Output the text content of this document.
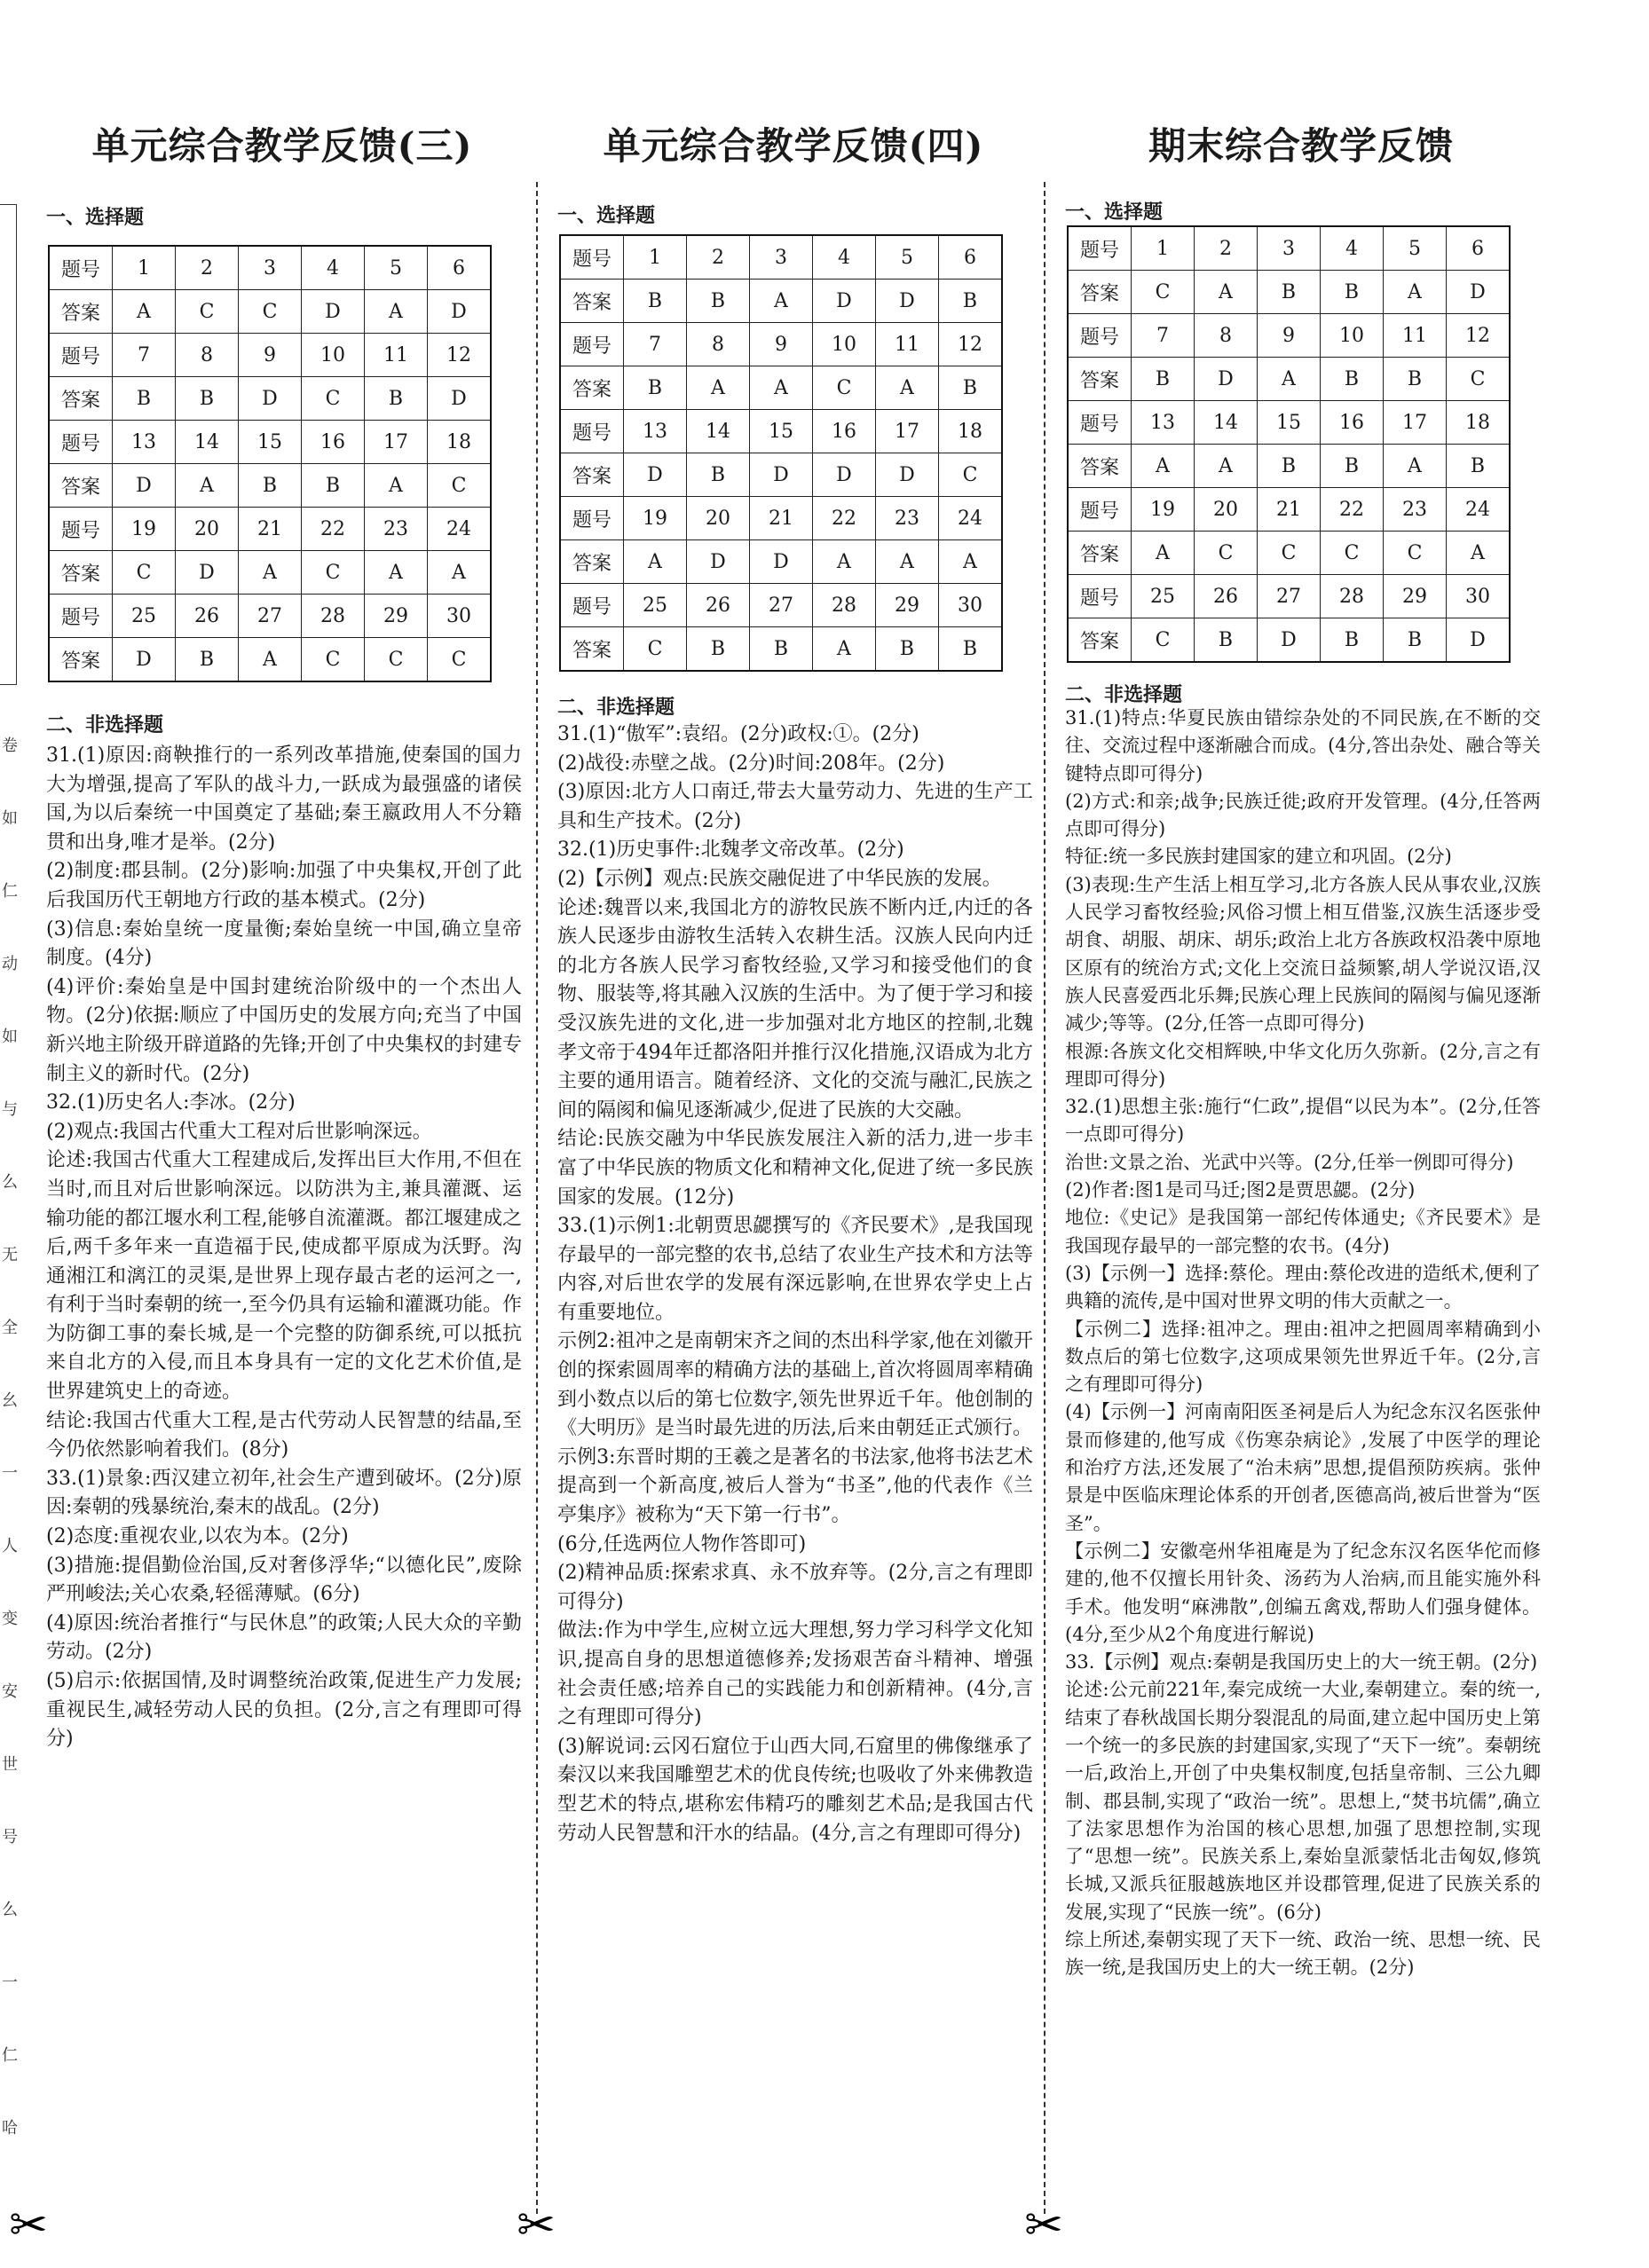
卷如仁动如与么无全幺一人变安世号么一仁哈
单元综合教学反馈(三)
一、选择题
题号	1	2	3	4	5	6
答案	A	C	C	D	A	D
题号	7	8	9	10	11	12
答案	B	B	D	C	B	D
题号	13	14	15	16	17	18
答案	D	A	B	B	A	C
题号	19	20	21	22	23	24
答案	C	D	A	C	A	A
题号	25	26	27	28	29	30
答案	D	B	A	C	C	C
二、非选择题

31.(1)原因:商鞅推行的一系列改革措施,使秦国的国力大为增强,提高了军队的战斗力,一跃成为最强盛的诸侯国,为以后秦统一中国奠定了基础;秦王嬴政用人不分籍贯和出身,唯才是举。(2分)

(2)制度:郡县制。(2分)影响:加强了中央集权,开创了此后我国历代王朝地方行政的基本模式。(2分)

(3)信息:秦始皇统一度量衡;秦始皇统一中国,确立皇帝制度。(4分)

(4)评价:秦始皇是中国封建统治阶级中的一个杰出人物。(2分)依据:顺应了中国历史的发展方向;充当了中国新兴地主阶级开辟道路的先锋;开创了中央集权的封建专制主义的新时代。(2分)

32.(1)历史名人:李冰。(2分)

(2)观点:我国古代重大工程对后世影响深远。

论述:我国古代重大工程建成后,发挥出巨大作用,不但在当时,而且对后世影响深远。以防洪为主,兼具灌溉、运输功能的都江堰水利工程,能够自流灌溉。都江堰建成之后,两千多年来一直造福于民,使成都平原成为沃野。沟通湘江和漓江的灵渠,是世界上现存最古老的运河之一,有利于当时秦朝的统一,至今仍具有运输和灌溉功能。作为防御工事的秦长城,是一个完整的防御系统,可以抵抗来自北方的入侵,而且本身具有一定的文化艺术价值,是世界建筑史上的奇迹。

结论:我国古代重大工程,是古代劳动人民智慧的结晶,至今仍依然影响着我们。(8分)

33.(1)景象:西汉建立初年,社会生产遭到破坏。(2分)原因:秦朝的残暴统治,秦末的战乱。(2分)

(2)态度:重视农业,以农为本。(2分)

(3)措施:提倡勤俭治国,反对奢侈浮华;“以德化民”,废除严刑峻法;关心农桑,轻徭薄赋。(6分)

(4)原因:统治者推行“与民休息”的政策;人民大众的辛勤劳动。(2分)

(5)启示:依据国情,及时调整统治政策,促进生产力发展;重视民生,减轻劳动人民的负担。(2分,言之有理即可得分)

单元综合教学反馈(四)
一、选择题
题号	1	2	3	4	5	6
答案	B	B	A	D	D	B
题号	7	8	9	10	11	12
答案	B	A	A	C	A	B
题号	13	14	15	16	17	18
答案	D	B	D	D	D	C
题号	19	20	21	22	23	24
答案	A	D	D	A	A	A
题号	25	26	27	28	29	30
答案	C	B	B	A	B	B
二、非选择题

31.(1)“傲军”:袁绍。(2分)政权:①。(2分)

(2)战役:赤壁之战。(2分)时间:208年。(2分)

(3)原因:北方人口南迁,带去大量劳动力、先进的生产工具和生产技术。(2分)

32.(1)历史事件:北魏孝文帝改革。(2分)

(2)【示例】观点:民族交融促进了中华民族的发展。

论述:魏晋以来,我国北方的游牧民族不断内迁,内迁的各族人民逐步由游牧生活转入农耕生活。汉族人民向内迁的北方各族人民学习畜牧经验,又学习和接受他们的食物、服装等,将其融入汉族的生活中。为了便于学习和接受汉族先进的文化,进一步加强对北方地区的控制,北魏孝文帝于494年迁都洛阳并推行汉化措施,汉语成为北方主要的通用语言。随着经济、文化的交流与融汇,民族之间的隔阂和偏见逐渐减少,促进了民族的大交融。

结论:民族交融为中华民族发展注入新的活力,进一步丰富了中华民族的物质文化和精神文化,促进了统一多民族国家的发展。(12分)

33.(1)示例1:北朝贾思勰撰写的《齐民要术》,是我国现存最早的一部完整的农书,总结了农业生产技术和方法等内容,对后世农学的发展有深远影响,在世界农学史上占有重要地位。

示例2:祖冲之是南朝宋齐之间的杰出科学家,他在刘徽开创的探索圆周率的精确方法的基础上,首次将圆周率精确到小数点以后的第七位数字,领先世界近千年。他创制的《大明历》是当时最先进的历法,后来由朝廷正式颁行。

示例3:东晋时期的王羲之是著名的书法家,他将书法艺术提高到一个新高度,被后人誉为“书圣”,他的代表作《兰亭集序》被称为“天下第一行书”。

(6分,任选两位人物作答即可)

(2)精神品质:探索求真、永不放弃等。(2分,言之有理即可得分)

做法:作为中学生,应树立远大理想,努力学习科学文化知识,提高自身的思想道德修养;发扬艰苦奋斗精神、增强社会责任感;培养自己的实践能力和创新精神。(4分,言之有理即可得分)

(3)解说词:云冈石窟位于山西大同,石窟里的佛像继承了秦汉以来我国雕塑艺术的优良传统;也吸收了外来佛教造型艺术的特点,堪称宏伟精巧的雕刻艺术品;是我国古代劳动人民智慧和汗水的结晶。(4分,言之有理即可得分)

期末综合教学反馈
一、选择题
题号	1	2	3	4	5	6
答案	C	A	B	B	A	D
题号	7	8	9	10	11	12
答案	B	D	A	B	B	C
题号	13	14	15	16	17	18
答案	A	A	B	B	A	B
题号	19	20	21	22	23	24
答案	A	C	C	C	C	A
题号	25	26	27	28	29	30
答案	C	B	D	B	B	D
二、非选择题

31.(1)特点:华夏民族由错综杂处的不同民族,在不断的交往、交流过程中逐渐融合而成。(4分,答出杂处、融合等关键特点即可得分)

(2)方式:和亲;战争;民族迁徙;政府开发管理。(4分,任答两点即可得分)

特征:统一多民族封建国家的建立和巩固。(2分)

(3)表现:生产生活上相互学习,北方各族人民从事农业,汉族人民学习畜牧经验;风俗习惯上相互借鉴,汉族生活逐步受胡食、胡服、胡床、胡乐;政治上北方各族政权沿袭中原地区原有的统治方式;文化上交流日益频繁,胡人学说汉语,汉族人民喜爱西北乐舞;民族心理上民族间的隔阂与偏见逐渐减少;等等。(2分,任答一点即可得分)

根源:各族文化交相辉映,中华文化历久弥新。(2分,言之有理即可得分)

32.(1)思想主张:施行“仁政”,提倡“以民为本”。(2分,任答一点即可得分)

治世:文景之治、光武中兴等。(2分,任举一例即可得分)

(2)作者:图1是司马迁;图2是贾思勰。(2分)

地位:《史记》是我国第一部纪传体通史;《齐民要术》是我国现存最早的一部完整的农书。(4分)

(3)【示例一】选择:蔡伦。理由:蔡伦改进的造纸术,便利了典籍的流传,是中国对世界文明的伟大贡献之一。

【示例二】选择:祖冲之。理由:祖冲之把圆周率精确到小数点后的第七位数字,这项成果领先世界近千年。(2分,言之有理即可得分)

(4)【示例一】河南南阳医圣祠是后人为纪念东汉名医张仲景而修建的,他写成《伤寒杂病论》,发展了中医学的理论和治疗方法,还发展了“治未病”思想,提倡预防疾病。张仲景是中医临床理论体系的开创者,医德高尚,被后世誉为“医圣”。

【示例二】安徽亳州华祖庵是为了纪念东汉名医华佗而修建的,他不仅擅长用针灸、汤药为人治病,而且能实施外科手术。他发明“麻沸散”,创编五禽戏,帮助人们强身健体。(4分,至少从2个角度进行解说)

33.【示例】观点:秦朝是我国历史上的大一统王朝。(2分)

论述:公元前221年,秦完成统一大业,秦朝建立。秦的统一,结束了春秋战国长期分裂混乱的局面,建立起中国历史上第一个统一的多民族的封建国家,实现了“天下一统”。秦朝统一后,政治上,开创了中央集权制度,包括皇帝制、三公九卿制、郡县制,实现了“政治一统”。思想上,“焚书坑儒”,确立了法家思想作为治国的核心思想,加强了思想控制,实现了“思想一统”。民族关系上,秦始皇派蒙恬北击匈奴,修筑长城,又派兵征服越族地区并设郡管理,促进了民族关系的发展,实现了“民族一统”。(6分)

综上所述,秦朝实现了天下一统、政治一统、思想一统、民族一统,是我国历史上的大一统王朝。(2分)

✂	✂	✂
